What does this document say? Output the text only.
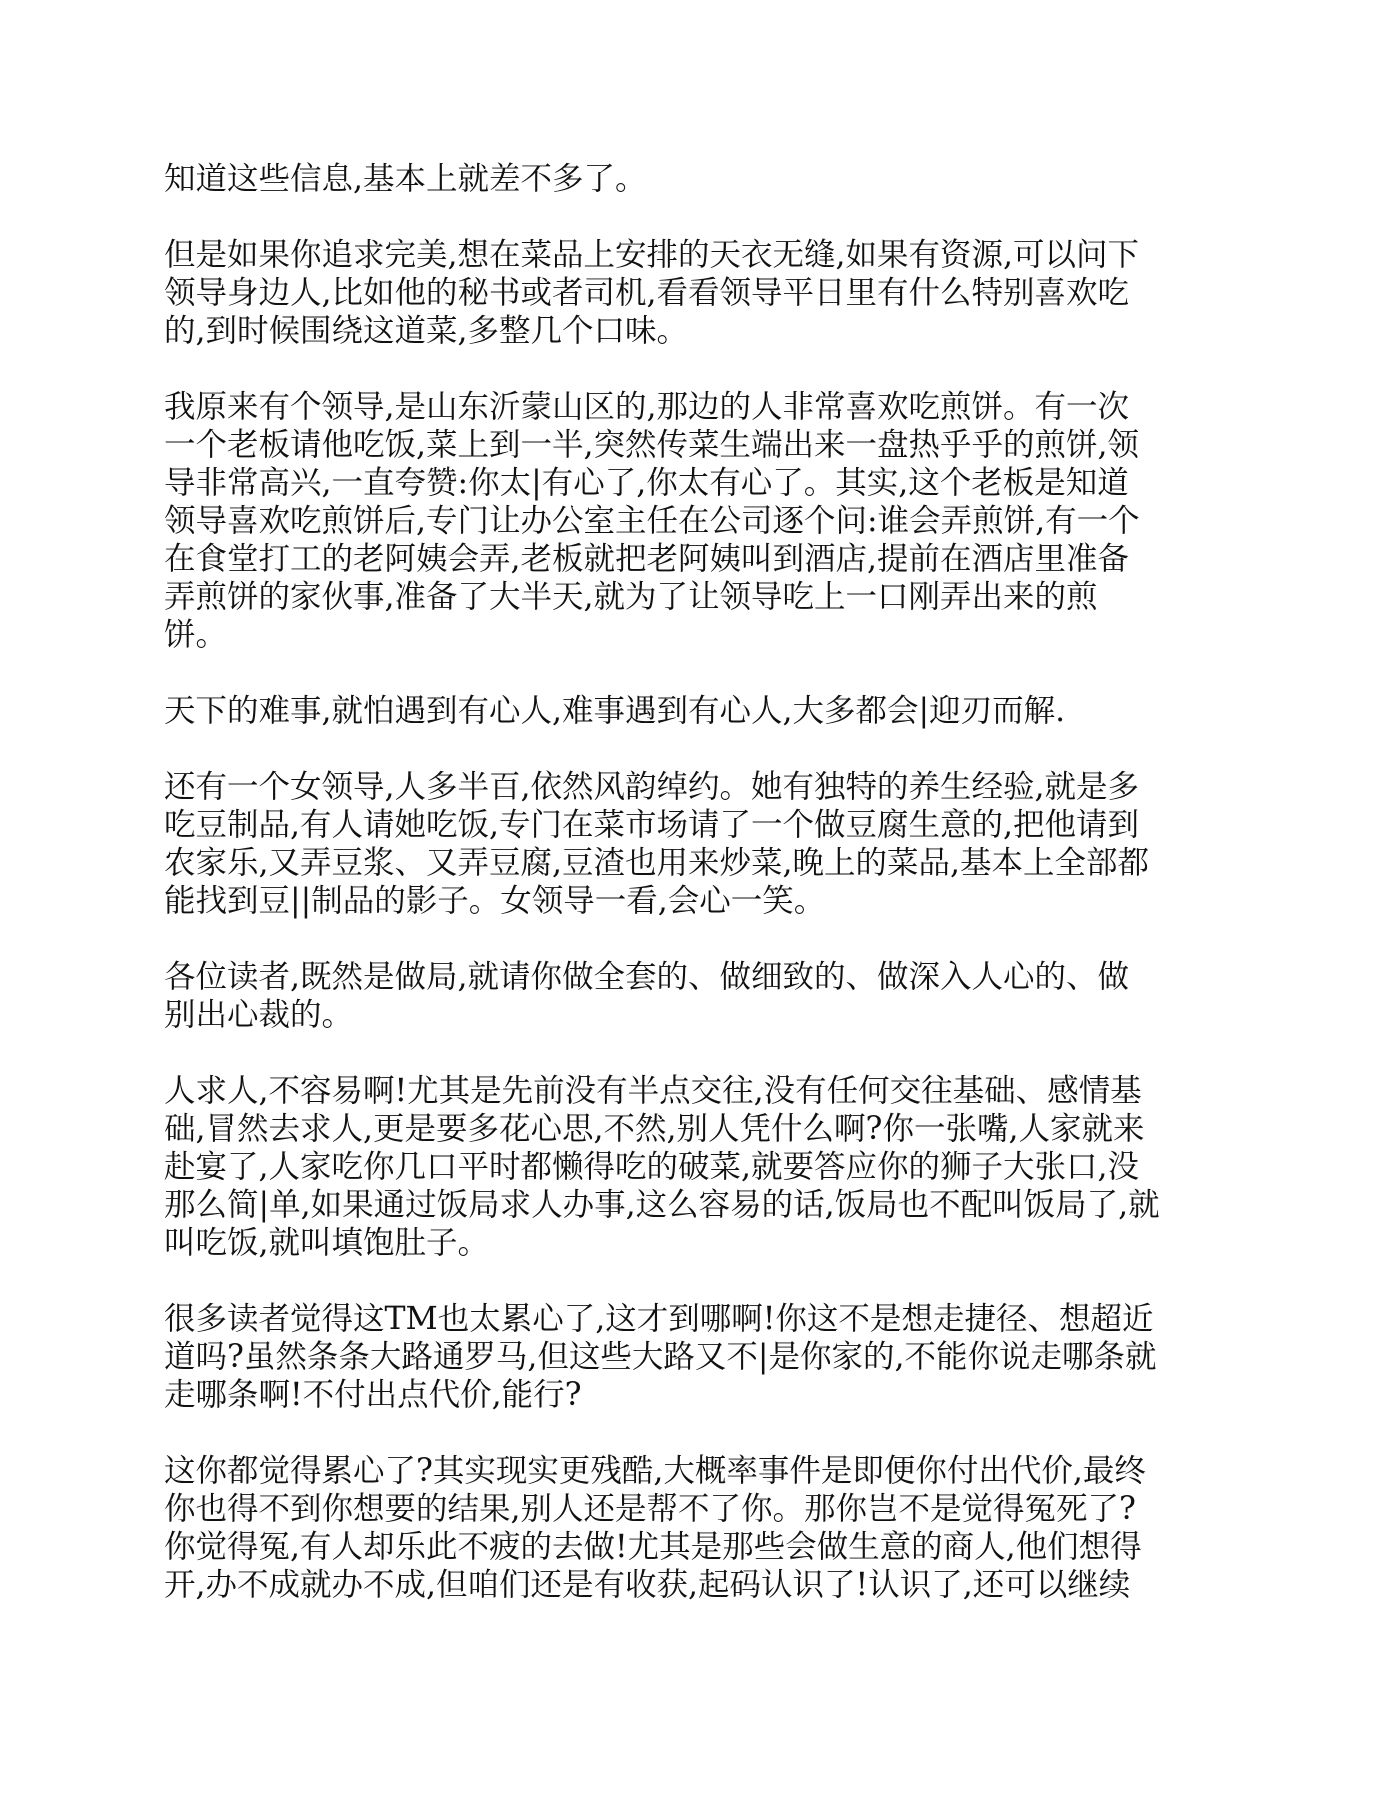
知道这些信息,基本上就差不多了。
但是如果你追求完美,想在菜品上安排的天衣无缝,如果有资源,可以问下
领导身边人,比如他的秘书或者司机,看看领导平日里有什么特别喜欢吃
的,到时候围绕这道菜,多整几个口味。
我原来有个领导,是山东沂蒙山区的,那边的人非常喜欢吃煎饼。有一次
一个老板请他吃饭,菜上到一半,突然传菜生端出来一盘热乎乎的煎饼,领
导非常高兴,一直夸赞:你太|有心了,你太有心了。其实,这个老板是知道
领导喜欢吃煎饼后,专门让办公室主任在公司逐个问:谁会弄煎饼,有一个
在食堂打工的老阿姨会弄,老板就把老阿姨叫到酒店,提前在酒店里准备
弄煎饼的家伙事,准备了大半天,就为了让领导吃上一口刚弄出来的煎
饼。
天下的难事,就怕遇到有心人,难事遇到有心人,大多都会|迎刃而解.
还有一个女领导,人多半百,依然风韵绰约。她有独特的养生经验,就是多
吃豆制品,有人请她吃饭,专门在菜市场请了一个做豆腐生意的,把他请到
农家乐,又弄豆浆、又弄豆腐,豆渣也用来炒菜,晚上的菜品,基本上全部都
能找到豆||制品的影子。女领导一看,会心一笑。
各位读者,既然是做局,就请你做全套的、做细致的、做深入人心的、做
别出心裁的。
人求人,不容易啊!尤其是先前没有半点交往,没有任何交往基础、感情基
础,冒然去求人,更是要多花心思,不然,别人凭什么啊?你一张嘴,人家就来
赴宴了,人家吃你几口平时都懒得吃的破菜,就要答应你的狮子大张口,没
那么简|单,如果通过饭局求人办事,这么容易的话,饭局也不配叫饭局了,就
叫吃饭,就叫填饱肚子。
很多读者觉得这TM也太累心了,这才到哪啊!你这不是想走捷径、想超近
道吗?虽然条条大路通罗马,但这些大路又不|是你家的,不能你说走哪条就
走哪条啊!不付出点代价,能行?
这你都觉得累心了?其实现实更残酷,大概率事件是即便你付出代价,最终
你也得不到你想要的结果,别人还是帮不了你。那你岂不是觉得冤死了?
你觉得冤,有人却乐此不疲的去做!尤其是那些会做生意的商人,他们想得
开,办不成就办不成,但咱们还是有收获,起码认识了!认识了,还可以继续
